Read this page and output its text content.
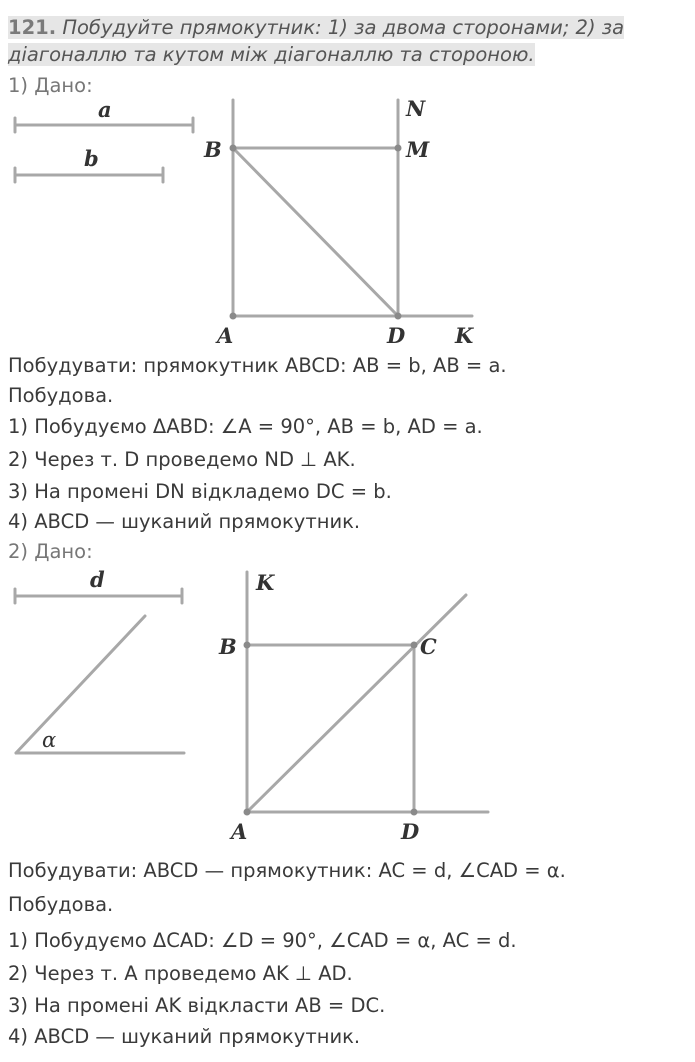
121. Побудуйте прямокутник: 1) за двома сторонами; 2) за
діагоналлю та кутом між діагоналлю та стороною.
1) Дано:
a
b
N
B	M
A	D K
d
α
K
B	C
A	D
Побудувати: прямокутник ABCD: AB = b, AB = a.
Побудова.
1) Побудуємо ΔABD: ∠A = 90°, AB = b, AD = a.
2) Через т. D проведемо ND ⊥ AK.
3) На промені DN відкладемо DC = b.
4) ABCD — шуканий прямокутник.
2) Дано:
Побудувати: ABCD — прямокутник: AC = d, ∠CAD = α.
Побудова.
1) Побудуємо ΔCAD: ∠D = 90°, ∠CAD = α, AC = d.
2) Через т. A проведемо AK ⊥ AD.
3) На промені AK відкласти AB = DC.
4) ABCD — шуканий прямокутник.
